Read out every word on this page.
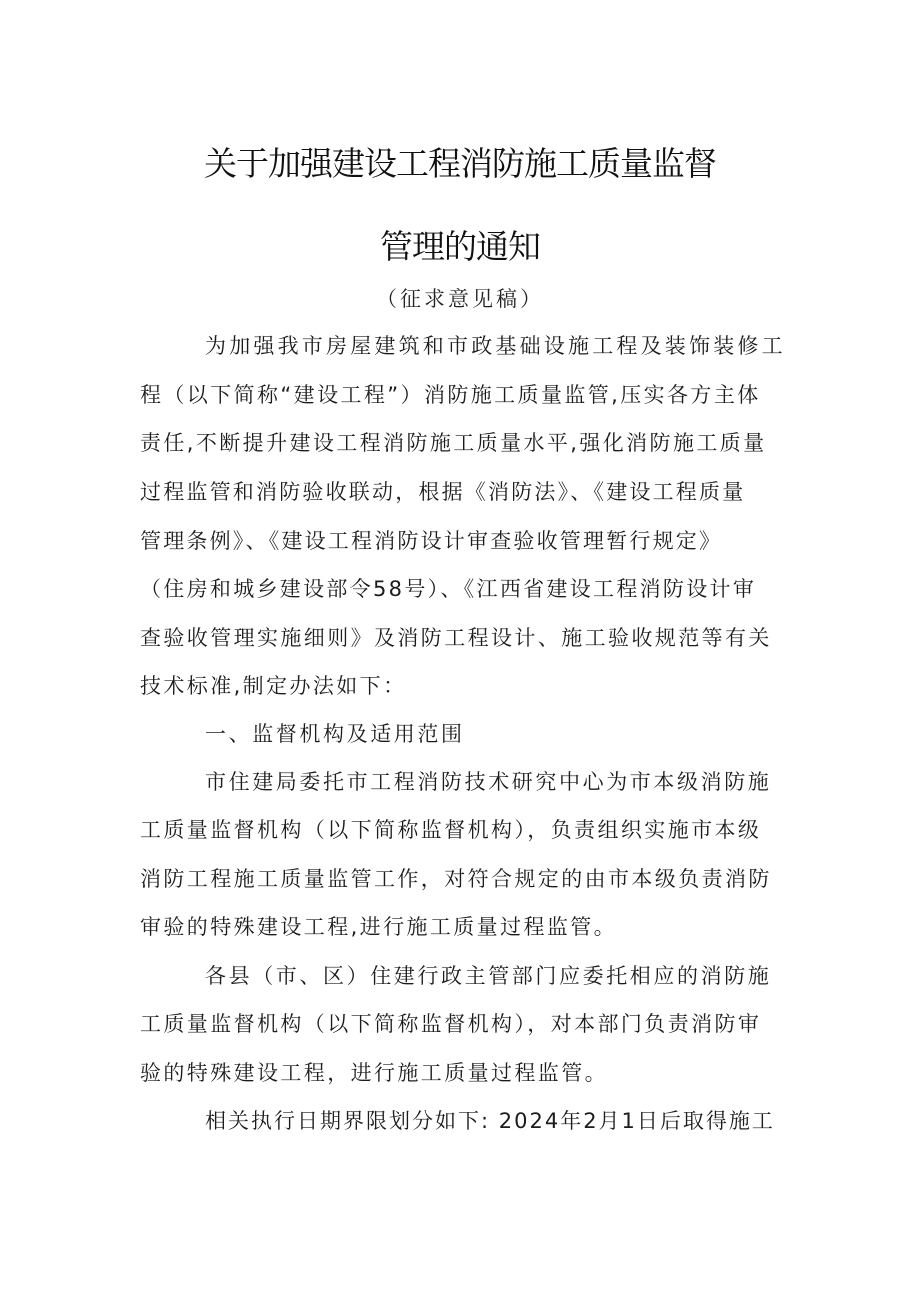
关于加强建设工程消防施工质量监督
管理的通知
（征求意见稿）
为加强我市房屋建筑和市政基础设施工程及装饰装修工
程（以下简称“建设工程”）消防施工质量监管,压实各方主体
责任,不断提升建设工程消防施工质量水平,强化消防施工质量
过程监管和消防验收联动，根据《消防法》、《建设工程质量
管理条例》、《建设工程消防设计审查验收管理暂行规定》
（住房和城乡建设部令58号）、《江西省建设工程消防设计审
查验收管理实施细则》及消防工程设计、施工验收规范等有关
技术标准,制定办法如下：
一、监督机构及适用范围
市住建局委托市工程消防技术研究中心为市本级消防施
工质量监督机构（以下简称监督机构），负责组织实施市本级
消防工程施工质量监管工作，对符合规定的由市本级负责消防
审验的特殊建设工程,进行施工质量过程监管。
各县（市、区）住建行政主管部门应委托相应的消防施
工质量监督机构（以下简称监督机构），对本部门负责消防审
验的特殊建设工程，进行施工质量过程监管。
相关执行日期界限划分如下: 2024年2月1日后取得施工
